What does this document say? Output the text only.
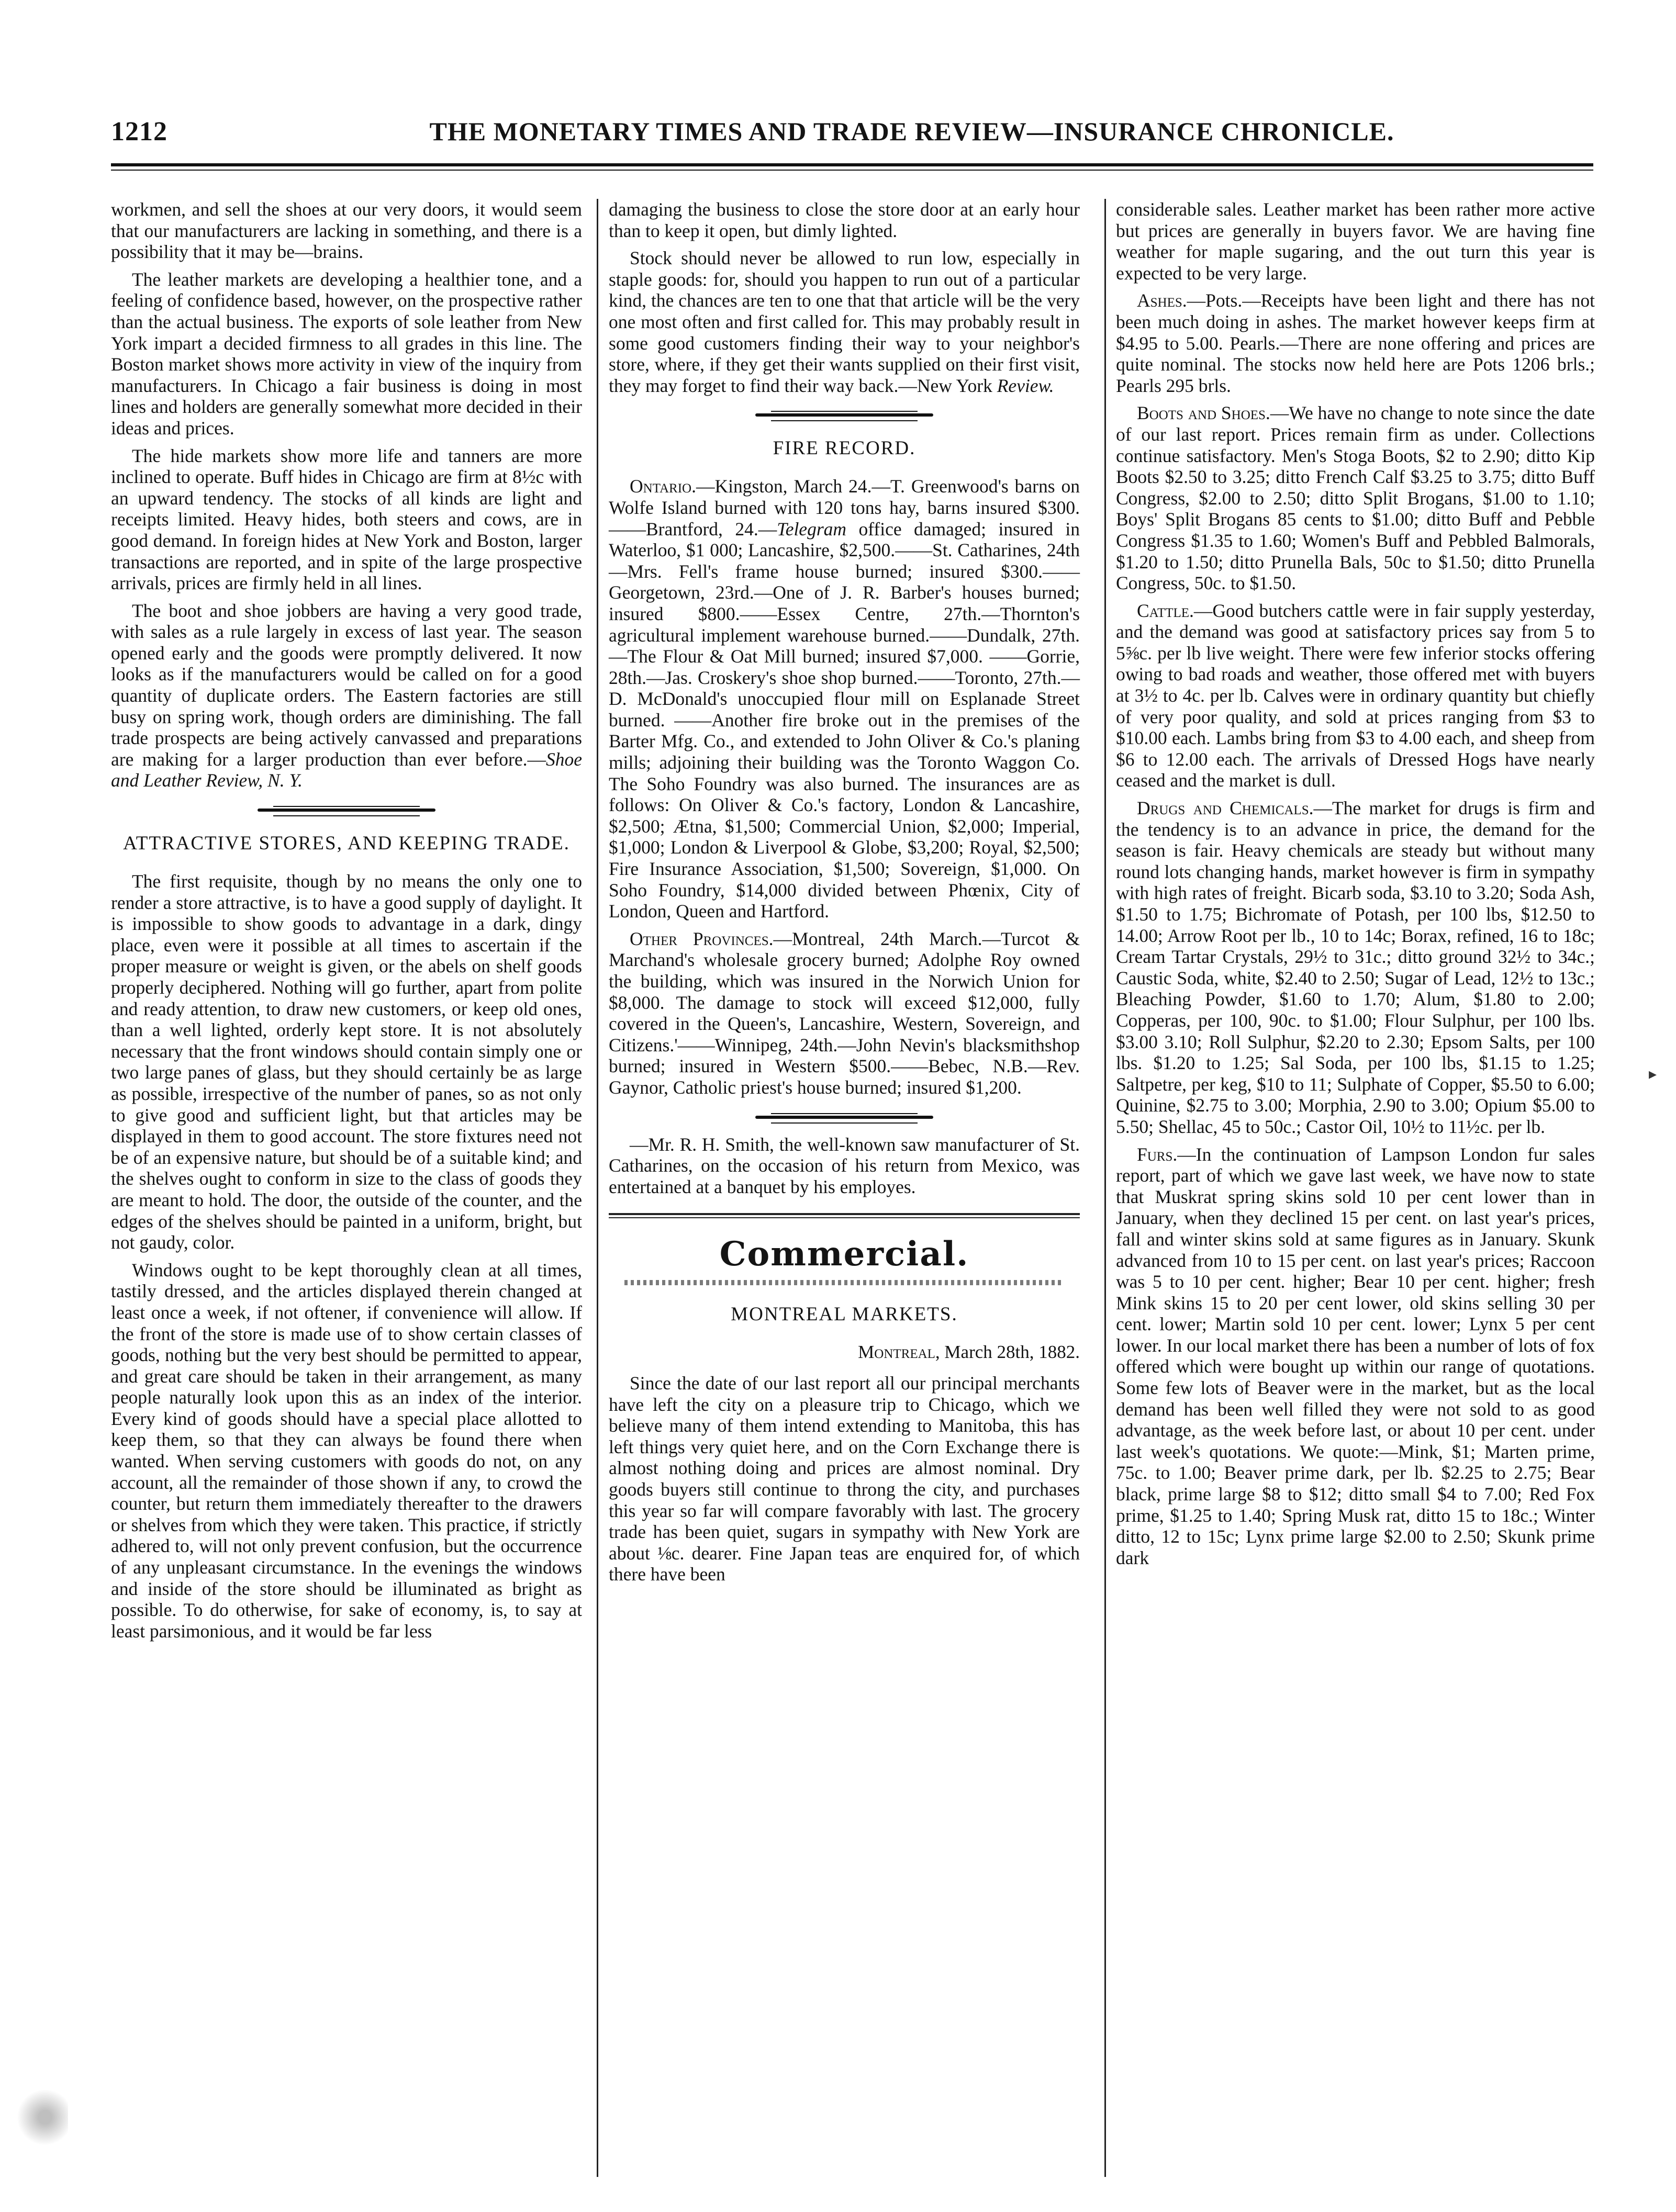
1212	THE MONETARY TIMES AND TRADE REVIEW—INSURANCE CHRONICLE.

workmen, and sell the shoes at our very doors, it would seem that our manufacturers are lacking in something, and there is a possibility that it may be—brains.

The leather markets are developing a healthier tone, and a feeling of confidence based, however, on the prospective rather than the actual business. The exports of sole leather from New York impart a decided firmness to all grades in this line. The Boston market shows more activity in view of the inquiry from manufacturers. In Chicago a fair business is doing in most lines and holders are generally somewhat more decided in their ideas and prices.

The hide markets show more life and tanners are more inclined to operate. Buff hides in Chicago are firm at 8½c with an upward tendency. The stocks of all kinds are light and receipts limited. Heavy hides, both steers and cows, are in good demand. In foreign hides at New York and Boston, larger transactions are reported, and in spite of the large prospective arrivals, prices are firmly held in all lines.

The boot and shoe jobbers are having a very good trade, with sales as a rule largely in excess of last year. The season opened early and the goods were promptly delivered. It now looks as if the manufacturers would be called on for a good quantity of duplicate orders. The Eastern factories are still busy on spring work, though orders are diminishing. The fall trade prospects are being actively canvassed and preparations are making for a larger production than ever before.—Shoe and Leather Review, N. Y.

ATTRACTIVE STORES, AND KEEPING TRADE.

The first requisite, though by no means the only one to render a store attractive, is to have a good supply of daylight. It is impossible to show goods to advantage in a dark, dingy place, even were it possible at all times to ascertain if the proper measure or weight is given, or the abels on shelf goods properly deciphered. Nothing will go further, apart from polite and ready attention, to draw new customers, or keep old ones, than a well lighted, orderly kept store. It is not absolutely necessary that the front windows should contain simply one or two large panes of glass, but they should certainly be as large as possible, irrespective of the number of panes, so as not only to give good and sufficient light, but that articles may be displayed in them to good account. The store fixtures need not be of an expensive nature, but should be of a suitable kind; and the shelves ought to conform in size to the class of goods they are meant to hold. The door, the outside of the counter, and the edges of the shelves should be painted in a uniform, bright, but not gaudy, color.

Windows ought to be kept thoroughly clean at all times, tastily dressed, and the articles displayed therein changed at least once a week, if not oftener, if convenience will allow. If the front of the store is made use of to show certain classes of goods, nothing but the very best should be permitted to appear, and great care should be taken in their arrangement, as many people naturally look upon this as an index of the interior. Every kind of goods should have a special place allotted to keep them, so that they can always be found there when wanted. When serving customers with goods do not, on any account, all the remainder of those shown if any, to crowd the counter, but return them immediately thereafter to the drawers or shelves from which they were taken. This practice, if strictly adhered to, will not only prevent confusion, but the occurrence of any unpleasant circumstance. In the evenings the windows and inside of the store should be illuminated as bright as possible. To do otherwise, for sake of economy, is, to say at least parsimonious, and it would be far less

damaging the business to close the store door at an early hour than to keep it open, but dimly lighted.

Stock should never be allowed to run low, especially in staple goods: for, should you happen to run out of a particular kind, the chances are ten to one that that article will be the very one most often and first called for. This may probably result in some good customers finding their way to your neighbor's store, where, if they get their wants supplied on their first visit, they may forget to find their way back.—New York Review.

FIRE RECORD.

Ontario.—Kingston, March 24.—T. Greenwood's barns on Wolfe Island burned with 120 tons hay, barns insured $300.——Brantford, 24.—Telegram office damaged; insured in Waterloo, $1 000; Lancashire, $2,500.——St. Catharines, 24th —Mrs. Fell's frame house burned; insured $300.——Georgetown, 23rd.—One of J. R. Barber's houses burned; insured $800.——Essex Centre, 27th.—Thornton's agricultural implement warehouse burned.——Dundalk, 27th. —The Flour & Oat Mill burned; insured $7,000. ——Gorrie, 28th.—Jas. Croskery's shoe shop burned.——Toronto, 27th.—D. McDonald's unoccupied flour mill on Esplanade Street burned. ——Another fire broke out in the premises of the Barter Mfg. Co., and extended to John Oliver & Co.'s planing mills; adjoining their building was the Toronto Waggon Co. The Soho Foundry was also burned. The insurances are as follows: On Oliver & Co.'s factory, London & Lancashire, $2,500; Ætna, $1,500; Commercial Union, $2,000; Imperial, $1,000; London & Liverpool & Globe, $3,200; Royal, $2,500; Fire Insurance Association, $1,500; Sovereign, $1,000. On Soho Foundry, $14,000 divided between Phœnix, City of London, Queen and Hartford.

Other Provinces.—Montreal, 24th March.—Turcot & Marchand's wholesale grocery burned; Adolphe Roy owned the building, which was insured in the Norwich Union for $8,000. The damage to stock will exceed $12,000, fully covered in the Queen's, Lancashire, Western, Sovereign, and Citizens.'——Winnipeg, 24th.—John Nevin's blacksmithshop burned; insured in Western $500.——Bebec, N.B.—Rev. Gaynor, Catholic priest's house burned; insured $1,200.

—Mr. R. H. Smith, the well-known saw manufacturer of St. Catharines, on the occasion of his return from Mexico, was entertained at a banquet by his employes.

Commercial.
MONTREAL MARKETS.
Montreal, March 28th, 1882.

Since the date of our last report all our principal merchants have left the city on a pleasure trip to Chicago, which we believe many of them intend extending to Manitoba, this has left things very quiet here, and on the Corn Exchange there is almost nothing doing and prices are almost nominal. Dry goods buyers still continue to throng the city, and purchases this year so far will compare favorably with last. The grocery trade has been quiet, sugars in sympathy with New York are about ⅛c. dearer. Fine Japan teas are enquired for, of which there have been

considerable sales. Leather market has been rather more active but prices are generally in buyers favor. We are having fine weather for maple sugaring, and the out turn this year is expected to be very large.

Ashes.—Pots.—Receipts have been light and there has not been much doing in ashes. The market however keeps firm at $4.95 to 5.00. Pearls.—There are none offering and prices are quite nominal. The stocks now held here are Pots 1206 brls.; Pearls 295 brls.

Boots and Shoes.—We have no change to note since the date of our last report. Prices remain firm as under. Collections continue satisfactory. Men's Stoga Boots, $2 to 2.90; ditto Kip Boots $2.50 to 3.25; ditto French Calf $3.25 to 3.75; ditto Buff Congress, $2.00 to 2.50; ditto Split Brogans, $1.00 to 1.10; Boys' Split Brogans 85 cents to $1.00; ditto Buff and Pebble Congress $1.35 to 1.60; Women's Buff and Pebbled Balmorals, $1.20 to 1.50; ditto Prunella Bals, 50c to $1.50; ditto Prunella Congress, 50c. to $1.50.

Cattle.—Good butchers cattle were in fair supply yesterday, and the demand was good at satisfactory prices say from 5 to 5⅝c. per lb live weight. There were few inferior stocks offering owing to bad roads and weather, those offered met with buyers at 3½ to 4c. per lb. Calves were in ordinary quantity but chiefly of very poor quality, and sold at prices ranging from $3 to $10.00 each. Lambs bring from $3 to 4.00 each, and sheep from $6 to 12.00 each. The arrivals of Dressed Hogs have nearly ceased and the market is dull.

Drugs and Chemicals.—The market for drugs is firm and the tendency is to an advance in price, the demand for the season is fair. Heavy chemicals are steady but without many round lots changing hands, market however is firm in sympathy with high rates of freight. Bicarb soda, $3.10 to 3.20; Soda Ash, $1.50 to 1.75; Bichromate of Potash, per 100 lbs, $12.50 to 14.00; Arrow Root per lb., 10 to 14c; Borax, refined, 16 to 18c; Cream Tartar Crystals, 29½ to 31c.; ditto ground 32½ to 34c.; Caustic Soda, white, $2.40 to 2.50; Sugar of Lead, 12½ to 13c.; Bleaching Powder, $1.60 to 1.70; Alum, $1.80 to 2.00; Copperas, per 100, 90c. to $1.00; Flour Sulphur, per 100 lbs. $3.00 3.10; Roll Sulphur, $2.20 to 2.30; Epsom Salts, per 100 lbs. $1.20 to 1.25; Sal Soda, per 100 lbs, $1.15 to 1.25; Saltpetre, per keg, $10 to 11; Sulphate of Copper, $5.50 to 6.00; Quinine, $2.75 to 3.00; Morphia, 2.90 to 3.00; Opium $5.00 to 5.50; Shellac, 45 to 50c.; Castor Oil, 10½ to 11½c. per lb.

Furs.—In the continuation of Lampson London fur sales report, part of which we gave last week, we have now to state that Muskrat spring skins sold 10 per cent lower than in January, when they declined 15 per cent. on last year's prices, fall and winter skins sold at same figures as in January. Skunk advanced from 10 to 15 per cent. on last year's prices; Raccoon was 5 to 10 per cent. higher; Bear 10 per cent. higher; fresh Mink skins 15 to 20 per cent lower, old skins selling 30 per cent. lower; Martin sold 10 per cent. lower; Lynx 5 per cent lower. In our local market there has been a number of lots of fox offered which were bought up within our range of quotations. Some few lots of Beaver were in the market, but as the local demand has been well filled they were not sold to as good advantage, as the week before last, or about 10 per cent. under last week's quotations. We quote:—Mink, $1; Marten prime, 75c. to 1.00; Beaver prime dark, per lb. $2.25 to 2.75; Bear black, prime large $8 to $12; ditto small $4 to 7.00; Red Fox prime, $1.25 to 1.40; Spring Musk rat, ditto 15 to 18c.; Winter ditto, 12 to 15c; Lynx prime large $2.00 to 2.50; Skunk prime dark

▸
